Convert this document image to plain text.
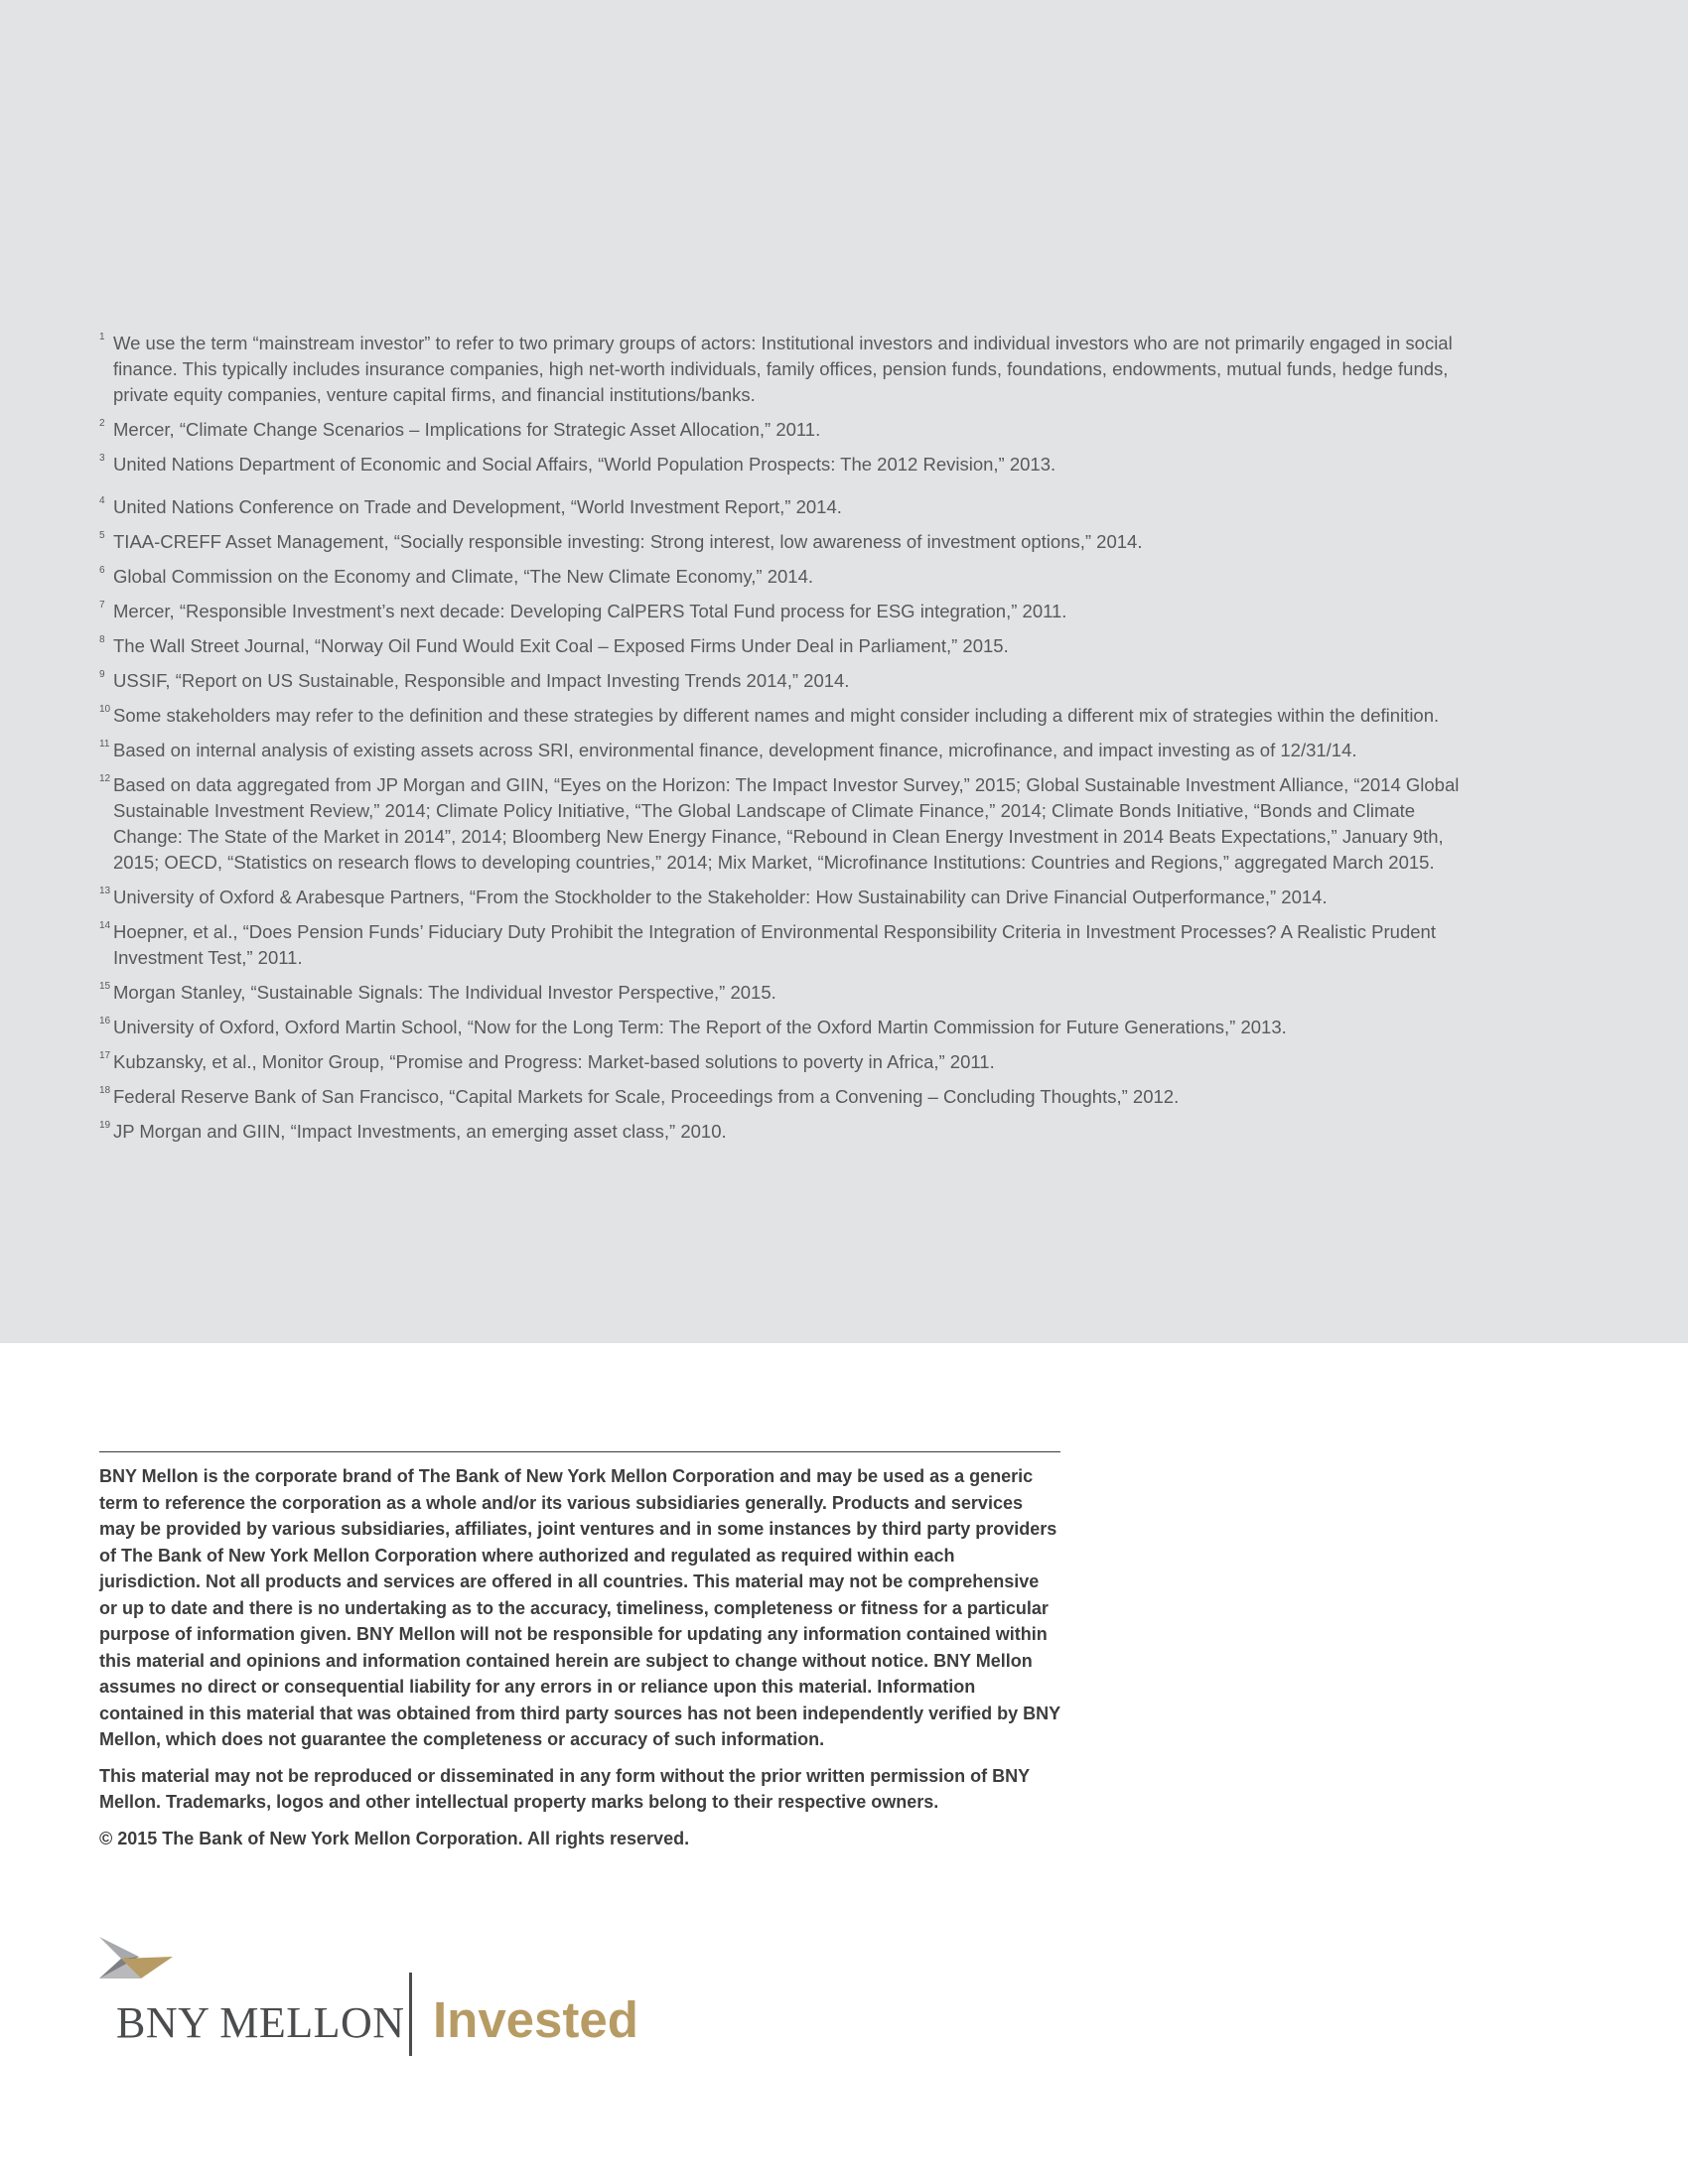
1 We use the term “mainstream investor” to refer to two primary groups of actors: Institutional investors and individual investors who are not primarily engaged in social finance. This typically includes insurance companies, high net-worth individuals, family offices, pension funds, foundations, endowments, mutual funds, hedge funds, private equity companies, venture capital firms, and financial institutions/banks.
2 Mercer, “Climate Change Scenarios – Implications for Strategic Asset Allocation,” 2011.
3 United Nations Department of Economic and Social Affairs, “World Population Prospects: The 2012 Revision,” 2013.
4 United Nations Conference on Trade and Development, “World Investment Report,” 2014.
5 TIAA-CREFF Asset Management, “Socially responsible investing: Strong interest, low awareness of investment options,” 2014.
6 Global Commission on the Economy and Climate, “The New Climate Economy,” 2014.
7 Mercer, “Responsible Investment’s next decade: Developing CalPERS Total Fund process for ESG integration,” 2011.
8 The Wall Street Journal, “Norway Oil Fund Would Exit Coal – Exposed Firms Under Deal in Parliament,” 2015.
9 USSIF, “Report on US Sustainable, Responsible and Impact Investing Trends 2014,” 2014.
10 Some stakeholders may refer to the definition and these strategies by different names and might consider including a different mix of strategies within the definition.
11 Based on internal analysis of existing assets across SRI, environmental finance, development finance, microfinance, and impact investing as of 12/31/14.
12 Based on data aggregated from JP Morgan and GIIN, “Eyes on the Horizon: The Impact Investor Survey,” 2015; Global Sustainable Investment Alliance, “2014 Global Sustainable Investment Review,” 2014; Climate Policy Initiative, “The Global Landscape of Climate Finance,” 2014; Climate Bonds Initiative, “Bonds and Climate Change: The State of the Market in 2014”, 2014; Bloomberg New Energy Finance, “Rebound in Clean Energy Investment in 2014 Beats Expectations,” January 9th, 2015; OECD, “Statistics on research flows to developing countries,” 2014; Mix Market, “Microfinance Institutions: Countries and Regions,” aggregated March 2015.
13 University of Oxford & Arabesque Partners, “From the Stockholder to the Stakeholder: How Sustainability can Drive Financial Outperformance,” 2014.
14 Hoepner, et al., “Does Pension Funds’ Fiduciary Duty Prohibit the Integration of Environmental Responsibility Criteria in Investment Processes? A Realistic Prudent Investment Test,” 2011.
15 Morgan Stanley, “Sustainable Signals: The Individual Investor Perspective,” 2015.
16 University of Oxford, Oxford Martin School, “Now for the Long Term: The Report of the Oxford Martin Commission for Future Generations,” 2013.
17 Kubzansky, et al., Monitor Group, “Promise and Progress: Market-based solutions to poverty in Africa,” 2011.
18 Federal Reserve Bank of San Francisco, “Capital Markets for Scale, Proceedings from a Convening – Concluding Thoughts,” 2012.
19 JP Morgan and GIIN, “Impact Investments, an emerging asset class,” 2010.

BNY Mellon is the corporate brand of The Bank of New York Mellon Corporation and may be used as a generic term to reference the corporation as a whole and/or its various subsidiaries generally. Products and services may be provided by various subsidiaries, affiliates, joint ventures and in some instances by third party providers of The Bank of New York Mellon Corporation where authorized and regulated as required within each jurisdiction. Not all products and services are offered in all countries. This material may not be comprehensive or up to date and there is no undertaking as to the accuracy, timeliness, completeness or fitness for a particular purpose of information given. BNY Mellon will not be responsible for updating any information contained within this material and opinions and information contained herein are subject to change without notice. BNY Mellon assumes no direct or consequential liability for any errors in or reliance upon this material. Information contained in this material that was obtained from third party sources has not been independently verified by BNY Mellon, which does not guarantee the completeness or accuracy of such information.

This material may not be reproduced or disseminated in any form without the prior written permission of BNY Mellon. Trademarks, logos and other intellectual property marks belong to their respective owners.

© 2015 The Bank of New York Mellon Corporation. All rights reserved.

BNY MELLON Invested
